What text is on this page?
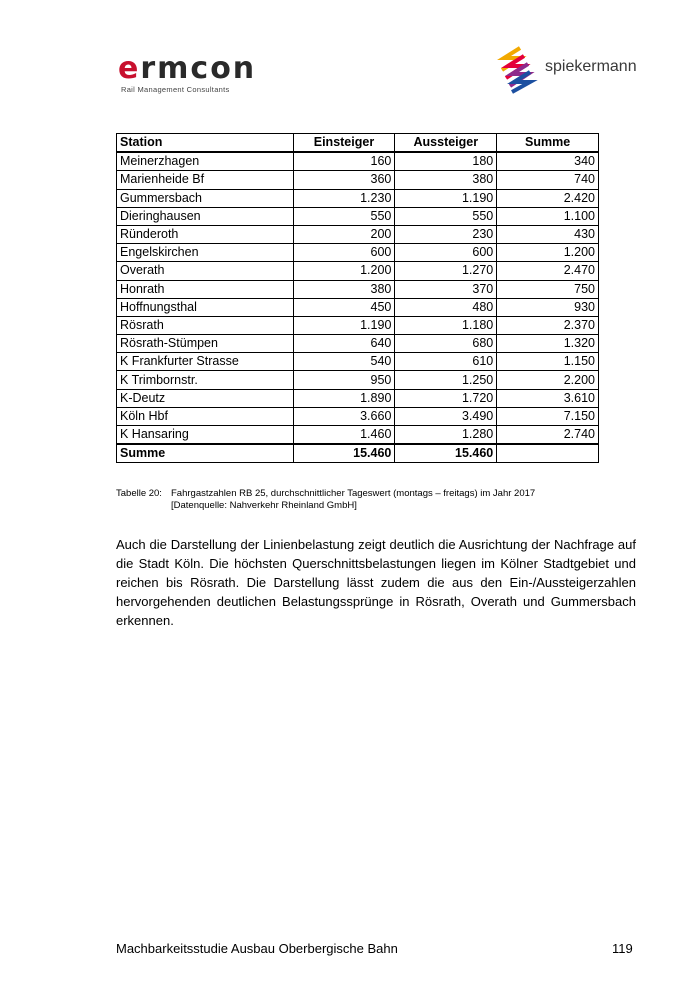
ermcon
Rail Management Consultants
spiekermann
Station	Einsteiger	Aussteiger	Summe
Meinerzhagen	160	180	340
Marienheide Bf	360	380	740
Gummersbach	1.230	1.190	2.420
Dieringhausen	550	550	1.100
Ründeroth	200	230	430
Engelskirchen	600	600	1.200
Overath	1.200	1.270	2.470
Honrath	380	370	750
Hoffnungsthal	450	480	930
Rösrath	1.190	1.180	2.370
Rösrath-Stümpen	640	680	1.320
K Frankfurter Strasse	540	610	1.150
K Trimbornstr.	950	1.250	2.200
K-Deutz	1.890	1.720	3.610
Köln Hbf	3.660	3.490	7.150
K Hansaring	1.460	1.280	2.740
Summe	15.460	15.460	
Tabelle 20: Fahrgastzahlen RB 25, durchschnittlicher Tageswert (montags – freitags) im Jahr 2017
[Datenquelle: Nahverkehr Rheinland GmbH]
Auch die Darstellung der Linienbelastung zeigt deutlich die Ausrichtung der Nachfrage auf die Stadt Köln. Die höchsten Querschnittsbelastungen liegen im Kölner Stadtgebiet und reichen bis Rösrath. Die Darstellung lässt zudem die aus den Ein-/Aussteigerzahlen hervorgehenden deutlichen Belastungssprünge in Rösrath, Overath und Gummersbach erkennen.
Machbarkeitsstudie Ausbau Oberbergische Bahn	119
